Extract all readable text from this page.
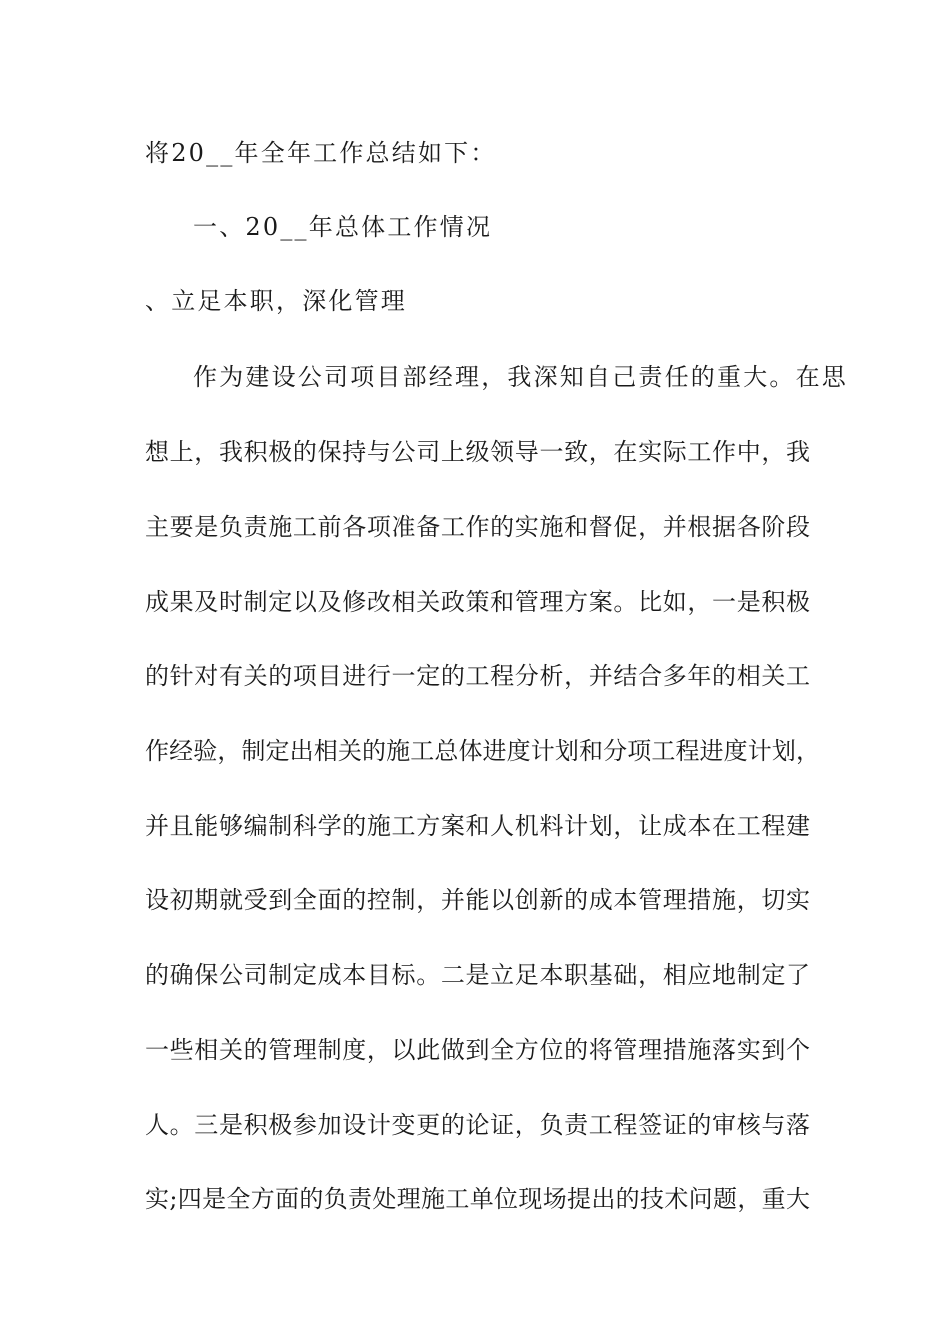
将20__年全年工作总结如下：
一、20__年总体工作情况
、立足本职，深化管理
作为建设公司项目部经理，我深知自己责任的重大。在思
想上，我积极的保持与公司上级领导一致，在实际工作中，我
主要是负责施工前各项准备工作的实施和督促，并根据各阶段
成果及时制定以及修改相关政策和管理方案。比如，一是积极
的针对有关的项目进行一定的工程分析，并结合多年的相关工
作经验，制定出相关的施工总体进度计划和分项工程进度计划，
并且能够编制科学的施工方案和人机料计划，让成本在工程建
设初期就受到全面的控制，并能以创新的成本管理措施，切实
的确保公司制定成本目标。二是立足本职基础，相应地制定了
一些相关的管理制度，以此做到全方位的将管理措施落实到个
人。三是积极参加设计变更的论证，负责工程签证的审核与落
实;四是全方面的负责处理施工单位现场提出的技术问题，重大
